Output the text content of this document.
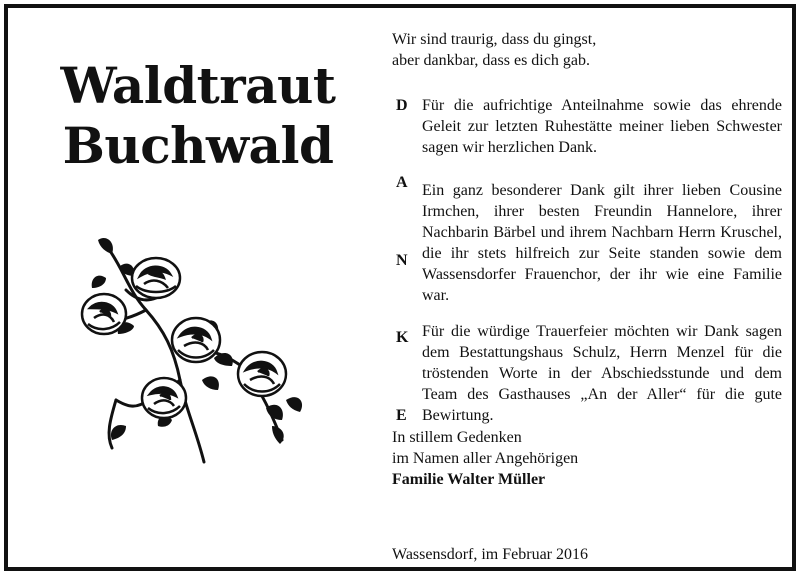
Waldtraut
Buchwald
Wir sind traurig, dass du gingst,
aber dankbar, dass es dich gab.
D
A
N
K
E
Für die aufrichtige Anteilnahme sowie das ehrende Geleit zur letzten Ruhestätte meiner lieben Schwester sagen wir herzlichen Dank.
Ein ganz besonderer Dank gilt ihrer lieben Cousine Irmchen, ihrer besten Freundin Hannelore, ihrer Nachbarin Bärbel und ihrem Nachbarn Herrn Kruschel, die ihr stets hilfreich zur Seite standen sowie dem Wassensdorfer Frauenchor, der ihr wie eine Familie war.
Für die würdige Trauerfeier möchten wir Dank sagen dem Bestattungshaus Schulz, Herrn Menzel für die tröstenden Worte in der Abschiedsstunde und dem Team des Gasthauses „An der Aller“ für die gute Bewirtung.
In stillem Gedenken
im Namen aller Angehörigen
Familie Walter Müller
Wassensdorf, im Februar 2016
